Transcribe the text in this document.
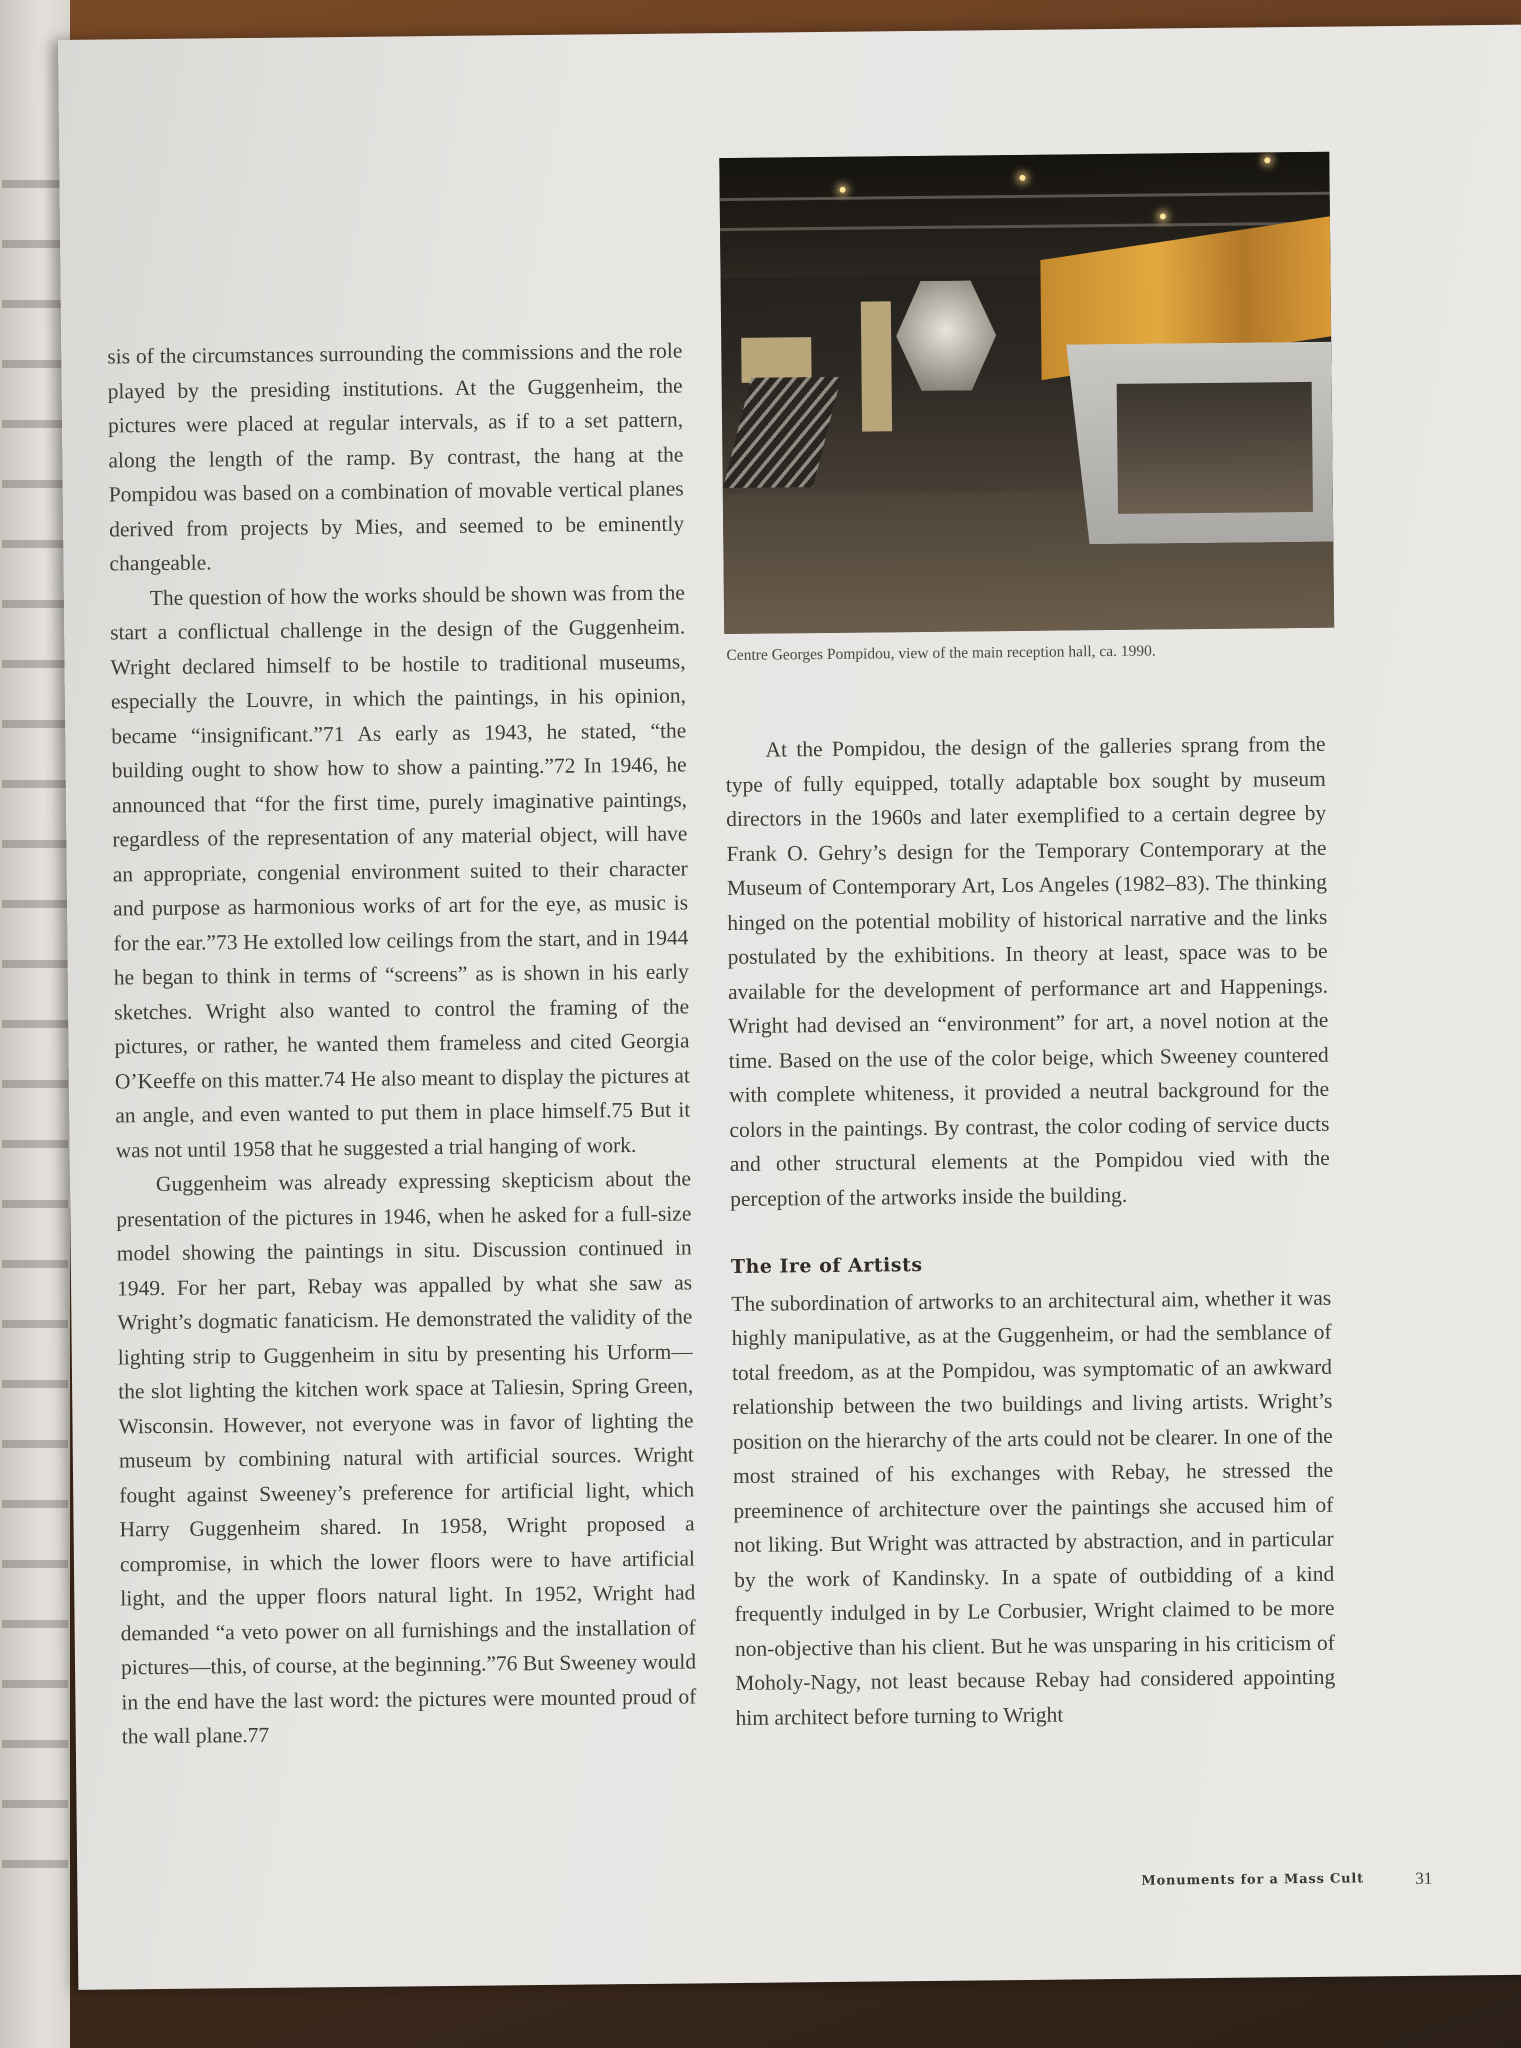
Centre Georges Pompidou, view of the main reception hall, ca. 1990.

sis of the circumstances surrounding the commissions and the role played by the presiding institutions. At the Guggenheim, the pictures were placed at regular intervals, as if to a set pattern, along the length of the ramp. By contrast, the hang at the Pompidou was based on a combination of movable vertical planes derived from projects by Mies, and seemed to be eminently changeable.

The question of how the works should be shown was from the start a conflictual challenge in the design of the Guggenheim. Wright declared himself to be hostile to traditional museums, especially the Louvre, in which the paintings, in his opinion, became “insignificant.”71 As early as 1943, he stated, “the building ought to show how to show a painting.”72 In 1946, he announced that “for the first time, purely imaginative paintings, regardless of the representation of any material object, will have an appropriate, congenial environment suited to their character and purpose as harmonious works of art for the eye, as music is for the ear.”73 He extolled low ceilings from the start, and in 1944 he began to think in terms of “screens” as is shown in his early sketches. Wright also wanted to control the framing of the pictures, or rather, he wanted them frameless and cited Georgia O’Keeffe on this matter.74 He also meant to display the pictures at an angle, and even wanted to put them in place himself.75 But it was not until 1958 that he suggested a trial hanging of work.

Guggenheim was already expressing skepticism about the presentation of the pictures in 1946, when he asked for a full-size model showing the paintings in situ. Discussion continued in 1949. For her part, Rebay was appalled by what she saw as Wright’s dogmatic fanaticism. He demonstrated the validity of the lighting strip to Guggenheim in situ by presenting his Urform—the slot lighting the kitchen work space at Taliesin, Spring Green, Wisconsin. However, not everyone was in favor of lighting the museum by combining natural with artificial sources. Wright fought against Sweeney’s preference for artificial light, which Harry Guggenheim shared. In 1958, Wright proposed a compromise, in which the lower floors were to have artificial light, and the upper floors natural light. In 1952, Wright had demanded “a veto power on all furnishings and the installation of pictures—this, of course, at the beginning.”76 But Sweeney would in the end have the last word: the pictures were mounted proud of the wall plane.77

At the Pompidou, the design of the galleries sprang from the type of fully equipped, totally adaptable box sought by museum directors in the 1960s and later exemplified to a certain degree by Frank O. Gehry’s design for the Temporary Contemporary at the Museum of Contemporary Art, Los Angeles (1982–83). The thinking hinged on the potential mobility of historical narrative and the links postulated by the exhibitions. In theory at least, space was to be available for the development of performance art and Happenings. Wright had devised an “environment” for art, a novel notion at the time. Based on the use of the color beige, which Sweeney countered with complete whiteness, it provided a neutral background for the colors in the paintings. By contrast, the color coding of service ducts and other structural elements at the Pompidou vied with the perception of the artworks inside the building.

The Ire of Artists

The subordination of artworks to an architectural aim, whether it was highly manipulative, as at the Guggenheim, or had the semblance of total freedom, as at the Pompidou, was symptomatic of an awkward relationship between the two buildings and living artists. Wright’s position on the hierarchy of the arts could not be clearer. In one of the most strained of his exchanges with Rebay, he stressed the preeminence of architecture over the paintings she accused him of not liking. But Wright was attracted by abstraction, and in particular by the work of Kandinsky. In a spate of outbidding of a kind frequently indulged in by Le Corbusier, Wright claimed to be more non-objective than his client. But he was unsparing in his criticism of Moholy-Nagy, not least because Rebay had considered appointing him architect before turning to Wright

Monuments for a Mass Cult	31
